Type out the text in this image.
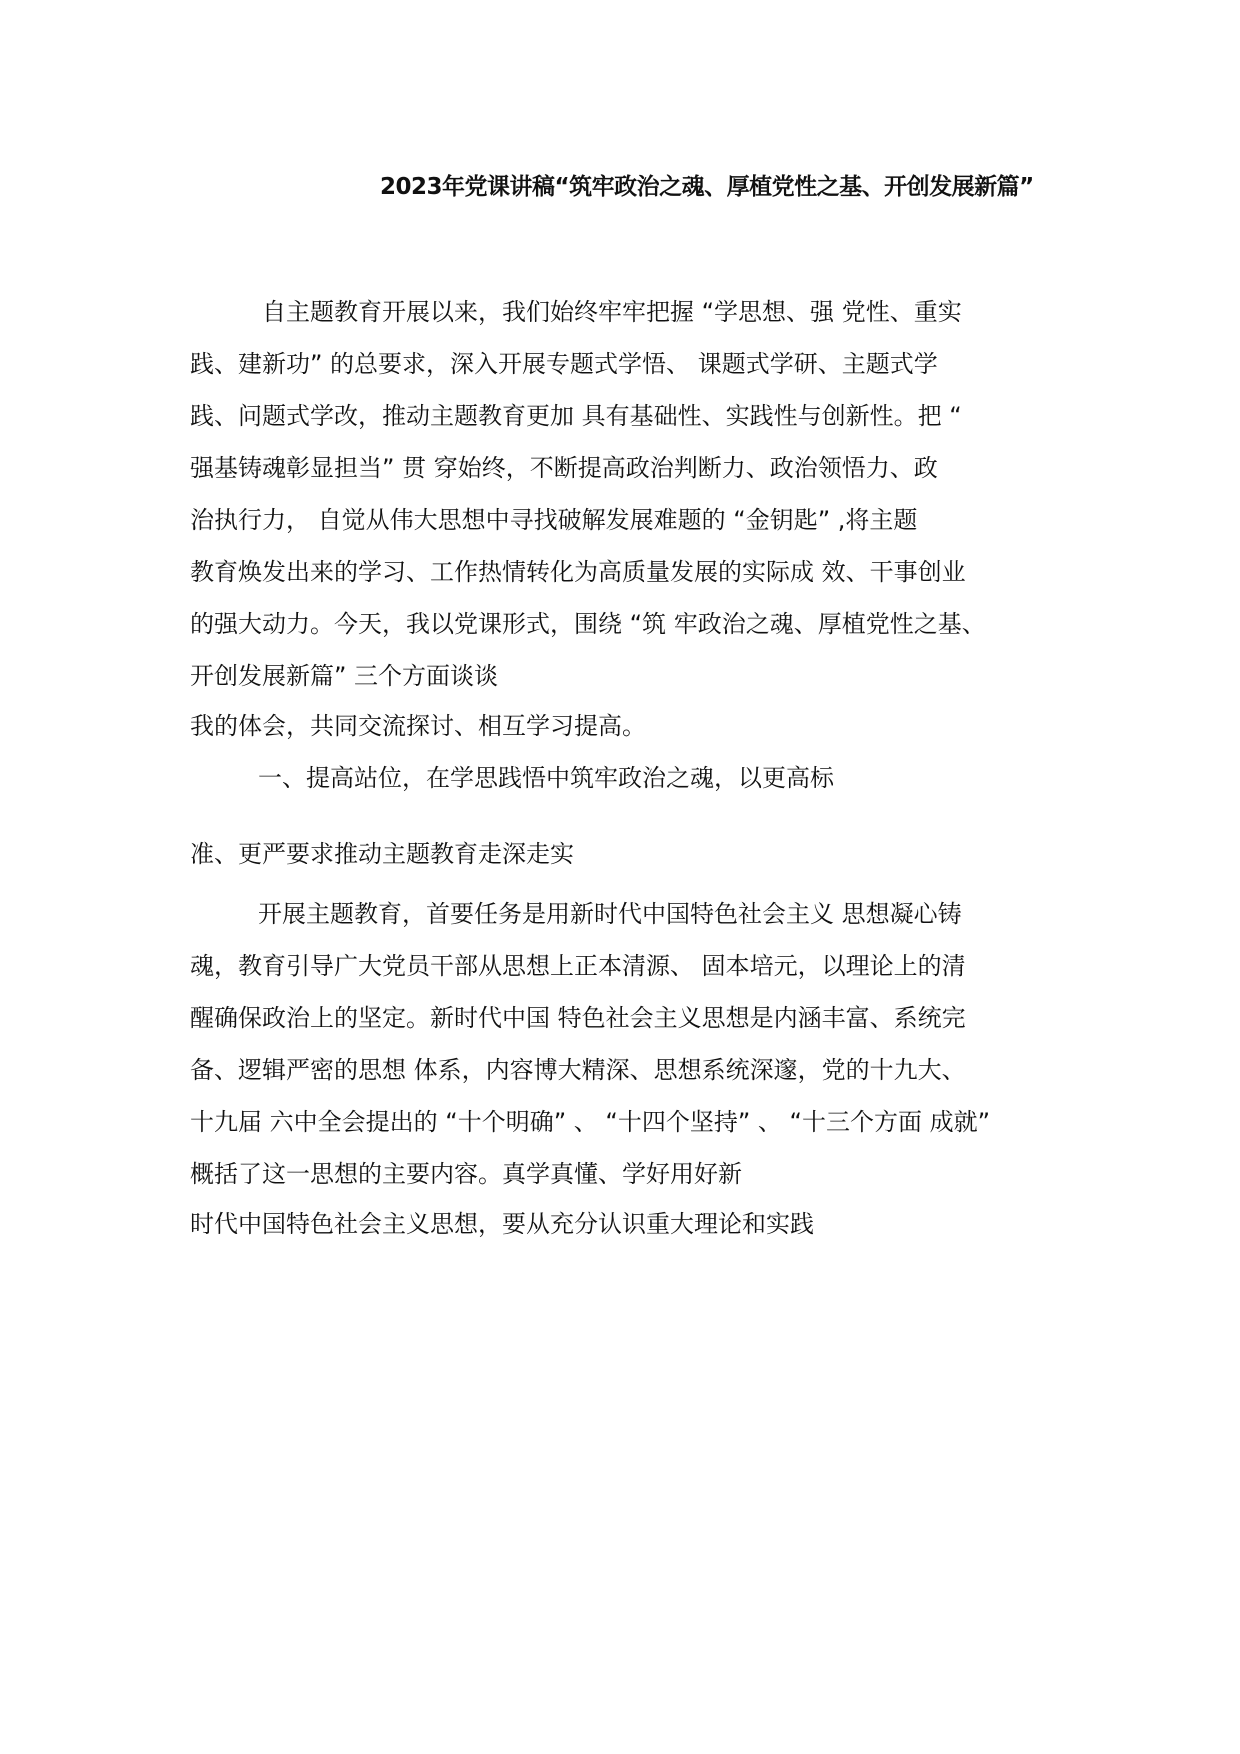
2023年党课讲稿“筑牢政治之魂、厚植党性之基、开创发展新篇”
自主题教育开展以来，我们始终牢牢把握 “学思想、强 党性、重实
践、建新功” 的总要求，深入开展专题式学悟、 课题式学研、主题式学
践、问题式学改，推动主题教育更加 具有基础性、实践性与创新性。把 “
强基铸魂彰显担当” 贯 穿始终，不断提高政治判断力、政治领悟力、政
治执行力， 自觉从伟大思想中寻找破解发展难题的 “金钥匙” ,将主题
教育焕发出来的学习、工作热情转化为高质量发展的实际成 效、干事创业
的强大动力。今天，我以党课形式，围绕 “筑 牢政治之魂、厚植党性之基、
开创发展新篇” 三个方面谈谈
我的体会，共同交流探讨、相互学习提高。
一、提高站位，在学思践悟中筑牢政治之魂，以更高标
准、更严要求推动主题教育走深走实
开展主题教育，首要任务是用新时代中国特色社会主义 思想凝心铸
魂，教育引导广大党员干部从思想上正本清源、 固本培元，以理论上的清
醒确保政治上的坚定。新时代中国 特色社会主义思想是内涵丰富、系统完
备、逻辑严密的思想 体系，内容博大精深、思想系统深邃，党的十九大、
十九届 六中全会提出的 “十个明确” 、 “十四个坚持” 、 “十三个方面 成就”
概括了这一思想的主要内容。真学真懂、学好用好新
时代中国特色社会主义思想，要从充分认识重大理论和实践
